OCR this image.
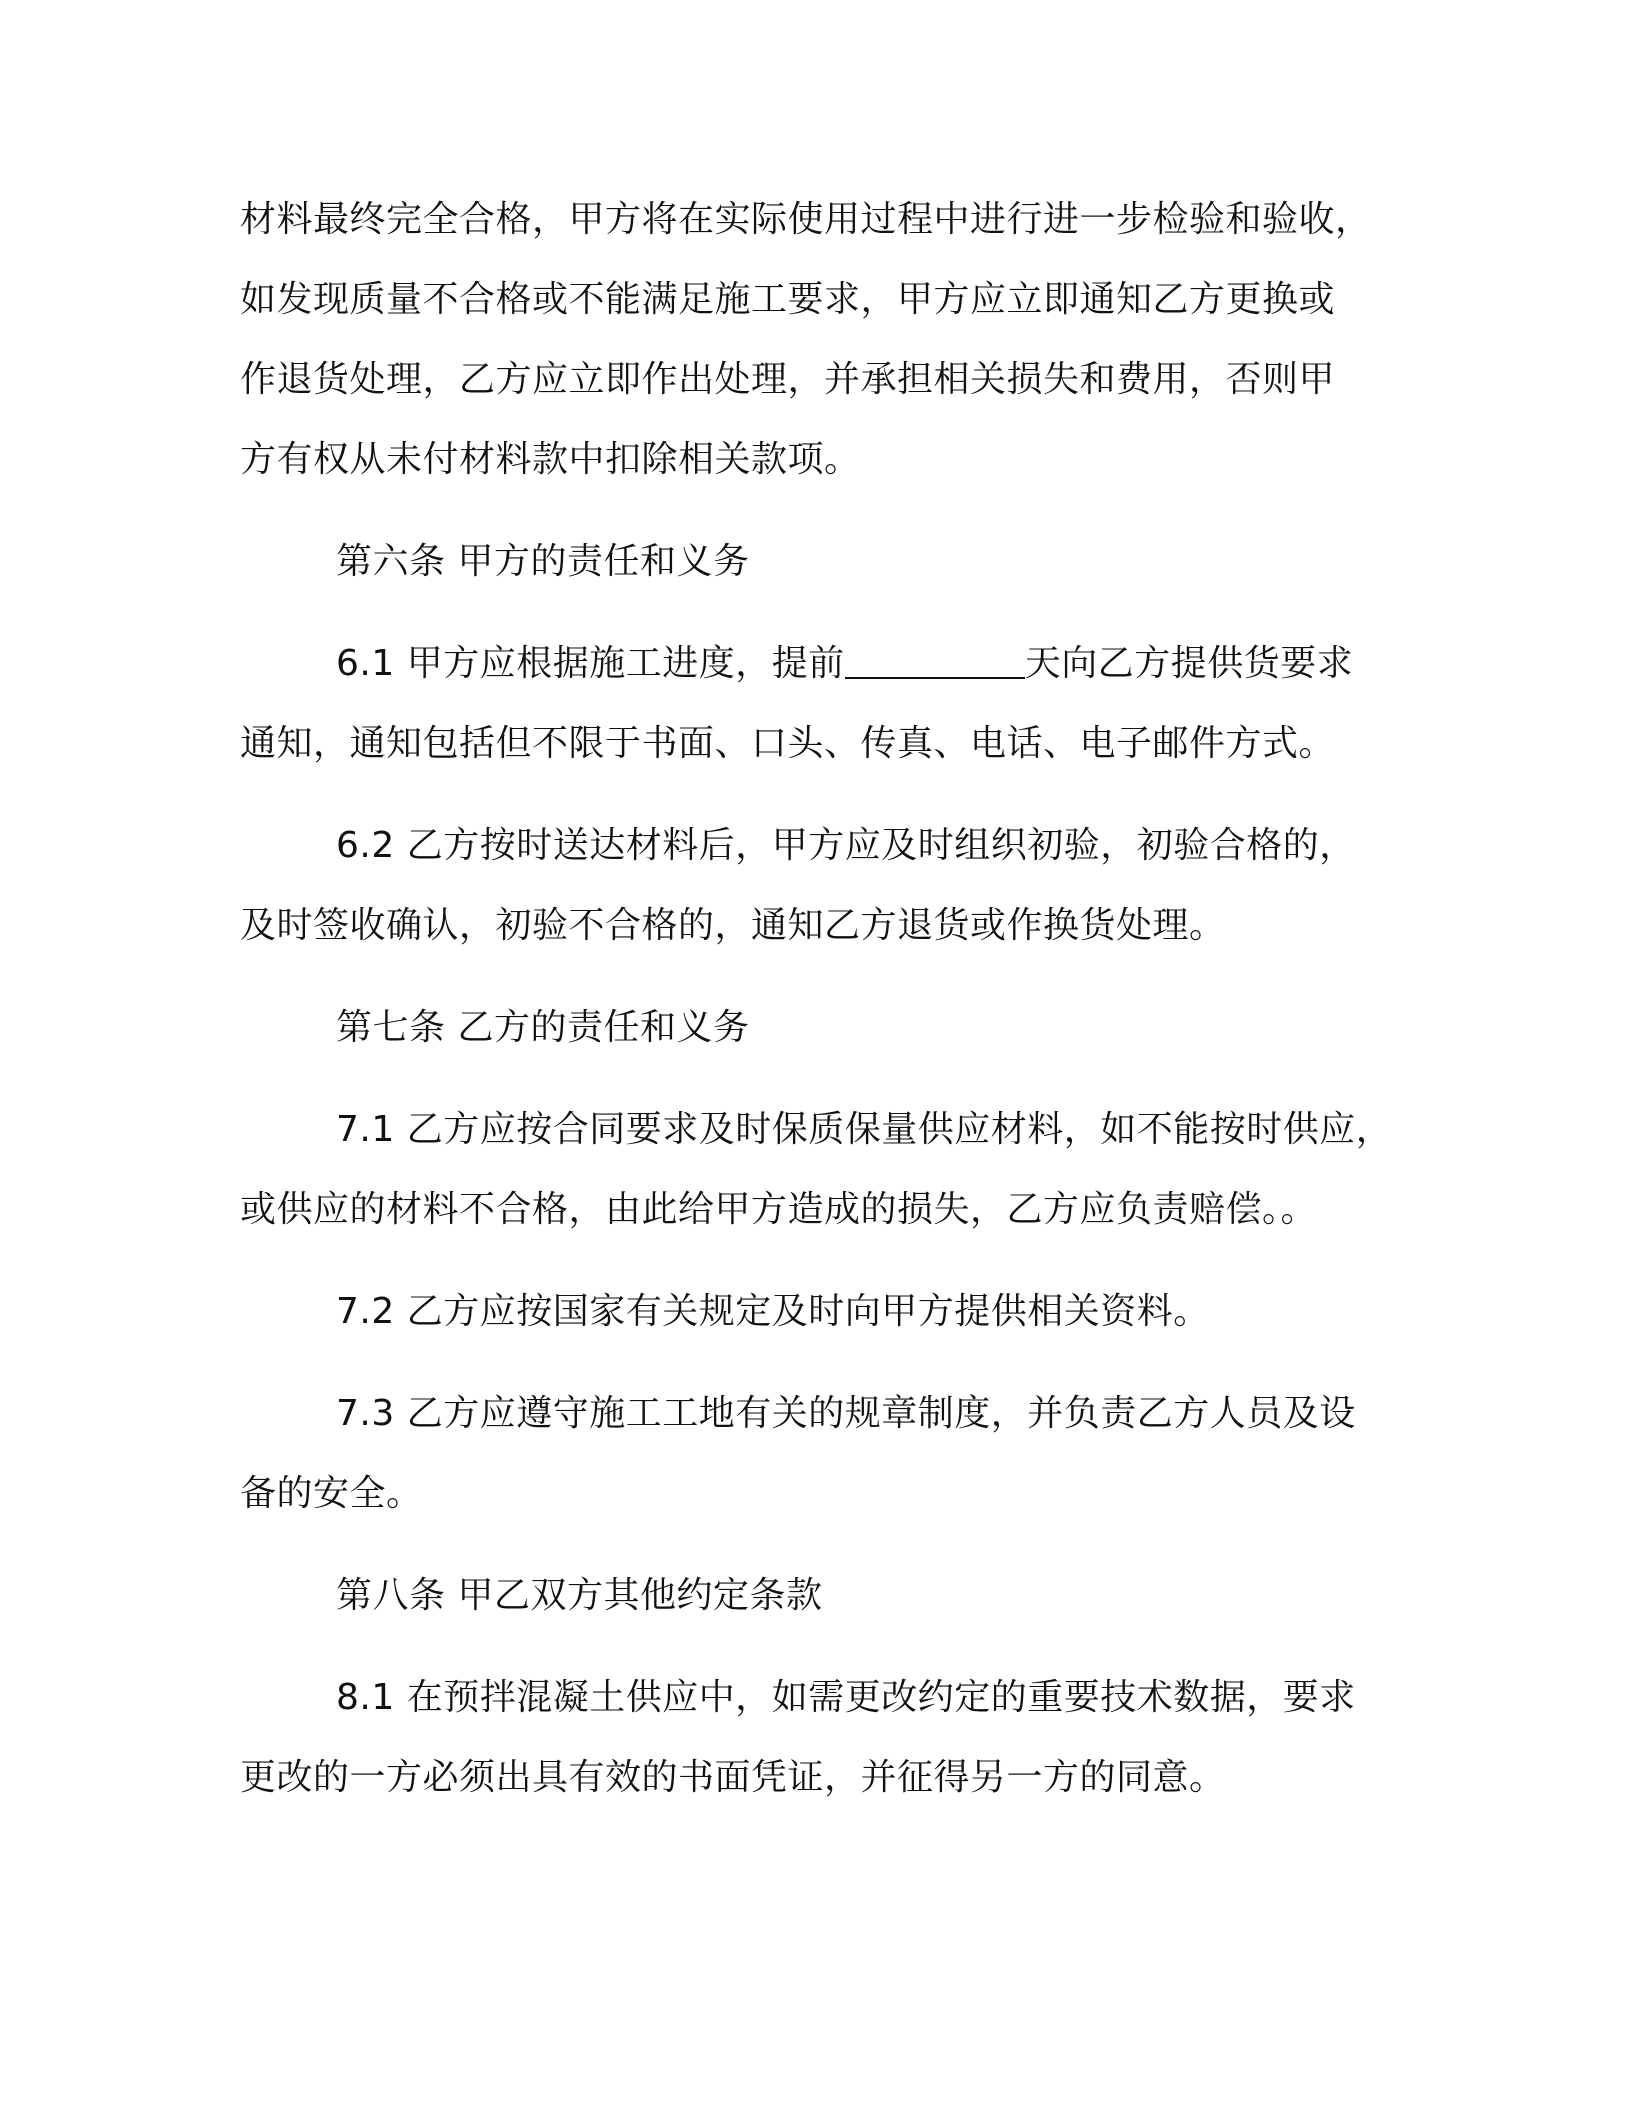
材料最终完全合格，甲方将在实际使用过程中进行进一步检验和验收，
如发现质量不合格或不能满足施工要求，甲方应立即通知乙方更换或
作退货处理，乙方应立即作出处理，并承担相关损失和费用，否则甲
方有权从未付材料款中扣除相关款项。
第六条 甲方的责任和义务
6.1 甲方应根据施工进度，提前	天向乙方提供货要求
通知，通知包括但不限于书面、口头、传真、电话、电子邮件方式。
6.2 乙方按时送达材料后，甲方应及时组织初验，初验合格的，
及时签收确认，初验不合格的，通知乙方退货或作换货处理。
第七条 乙方的责任和义务
7.1 乙方应按合同要求及时保质保量供应材料，如不能按时供应，
或供应的材料不合格，由此给甲方造成的损失，乙方应负责赔偿。。
7.2 乙方应按国家有关规定及时向甲方提供相关资料。
7.3 乙方应遵守施工工地有关的规章制度，并负责乙方人员及设
备的安全。
第八条 甲乙双方其他约定条款
8.1 在预拌混凝土供应中，如需更改约定的重要技术数据，要求
更改的一方必须出具有效的书面凭证，并征得另一方的同意。
